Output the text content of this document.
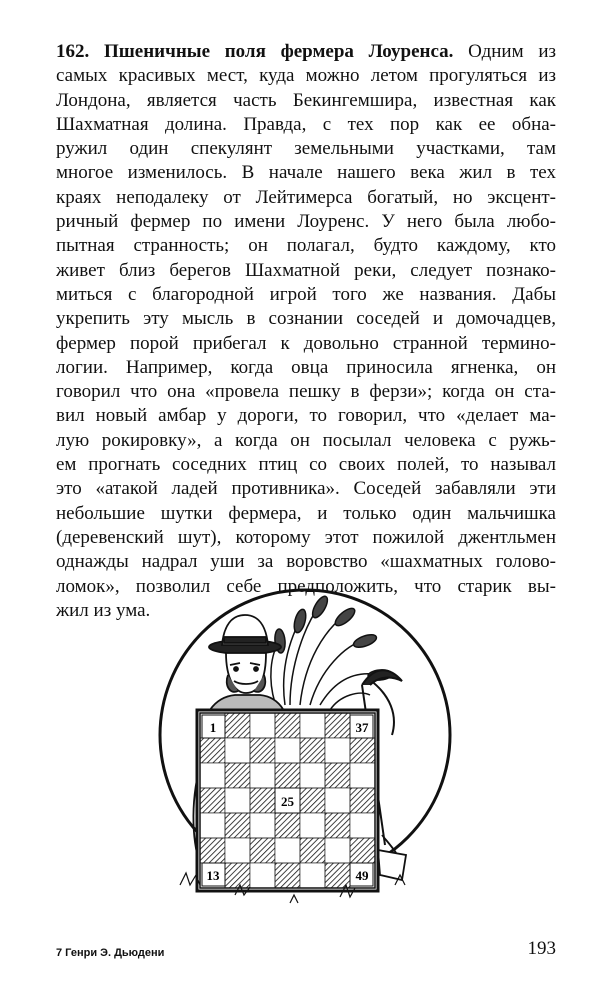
162. Пшеничные поля фермера Лоуренса. Одним из
самых красивых мест, куда можно летом прогуляться из
Лондона, является часть Бекингемшира, известная как
Шахматная долина. Правда, с тех пор как ее обна-
ружил один спекулянт земельными участками, там
многое изменилось. В начале нашего века жил в тех
краях неподалеку от Лейтимерса богатый, но эксцент-
ричный фермер по имени Лоуренс. У него была любо-
пытная странность; он полагал, будто каждому, кто
живет близ берегов Шахматной реки, следует познако-
миться с благородной игрой того же названия. Дабы
укрепить эту мысль в сознании соседей и домочадцев,
фермер порой прибегал к довольно странной термино-
логии. Например, когда овца приносила ягненка, он
говорил что она «провела пешку в ферзи»; когда он ста-
вил новый амбар у дороги, то говорил, что «делает ма-
лую рокировку», а когда он посылал человека с ружь-
ем прогнать соседних птиц со своих полей, то называл
это «атакой ладей противника». Соседей забавляли эти
небольшие шутки фермера, и только один мальчишка
(деревенский шут), которому этот пожилой джентльмен
однажды надрал уши за воровство «шахматных голово-
ломок», позволил себе предположить, что старик вы-
жил из ума.
1	37
25
13	49
7 Генри Э. Дьюдени	193
